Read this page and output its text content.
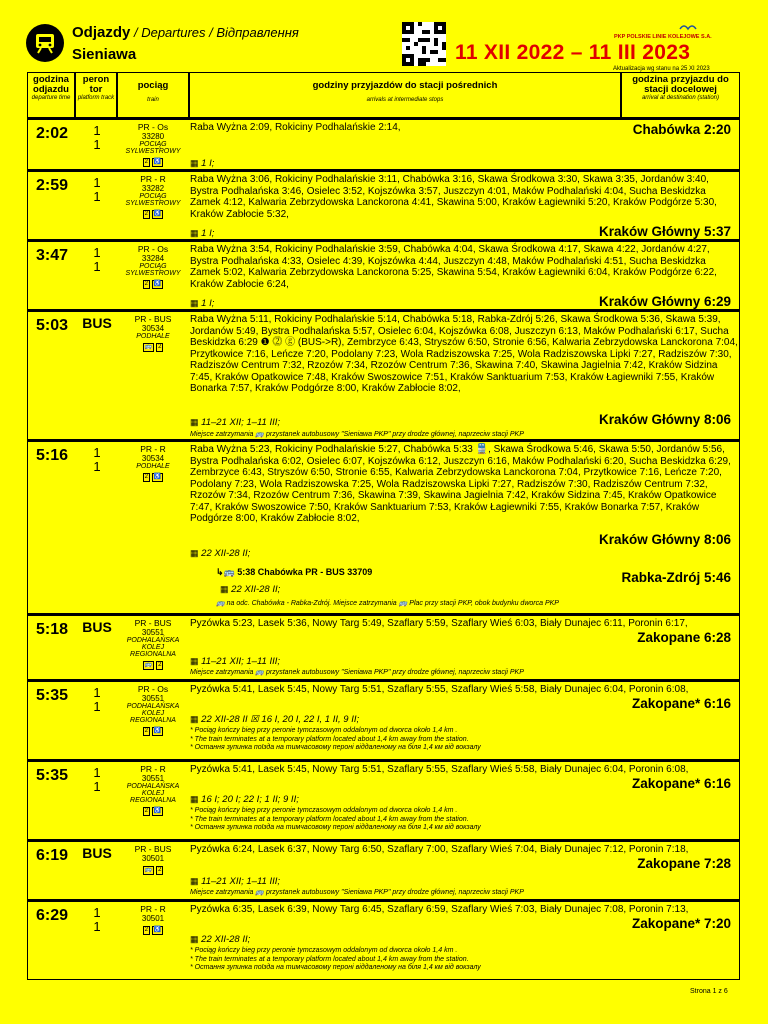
Odjazdy / Departures / Відправлення
Sieniawa
PKP POLSKIE LINIE KOLEJOWE S.A.
11 XII 2022 – 11 III 2023
Aktualizacja wg stanu na 25 XI 2023
godzina odjazdu
departure time
peron tor
platform track
pociąg
train
godziny przyjazdów do stacji pośrednich
arrivals at intermediate stops
godzina przyjazdu do stacji docelowej
arrival at destination (station)
2:02	1
1
PR - Os
33280
POCIĄG SYLWESTROWY
2 ♿
Raba Wyżna 2:09, Rokiciny Podhalańskie 2:14,	Chabówka 2:20
▦ 1 I;
2:59	1
1
PR - R
33282
POCIĄG SYLWESTROWY
2 ♿
Raba Wyżna 3:06, Rokiciny Podhalańskie 3:11, Chabówka 3:16, Skawa Środkowa 3:30, Skawa 3:35, Jordanów 3:40, Bystra Podhalańska 3:46, Osielec 3:52, Kojszówka 3:57, Juszczyn 4:01, Maków Podhalański 4:04, Sucha Beskidzka Zamek 4:12, Kalwaria Zebrzydowska Lanckorona 4:41, Skawina 5:00, Kraków Łagiewniki 5:20, Kraków Podgórze 5:30, Kraków Zabłocie 5:32,
Kraków Główny 5:37
▦ 1 I;
3:47	1
1
PR - Os
33284
POCIĄG SYLWESTROWY
2 ♿
Raba Wyżna 3:54, Rokiciny Podhalańskie 3:59, Chabówka 4:04, Skawa Środkowa 4:17, Skawa 4:22, Jordanów 4:27, Bystra Podhalańska 4:33, Osielec 4:39, Kojszówka 4:44, Juszczyn 4:48, Maków Podhalański 4:51, Sucha Beskidzka Zamek 5:02, Kalwaria Zebrzydowska Lanckorona 5:25, Skawina 5:54, Kraków Łagiewniki 6:04, Kraków Podgórze 6:22, Kraków Zabłocie 6:24,
Kraków Główny 6:29
▦ 1 I;
5:03	BUS	PR - BUS
30534
PODHALE
🚌 2
Raba Wyżna 5:11, Rokiciny Podhalańskie 5:14, Chabówka 5:18, Rabka-Zdrój 5:26, Skawa Środkowa 5:36, Skawa 5:39, Jordanów 5:49, Bystra Podhalańska 5:57, Osielec 6:04, Kojszówka 6:08, Juszczyn 6:13, Maków Podhalański 6:17, Sucha Beskidzka 6:29 ❶ ⓶ ⓖ (BUS->R), Zembrzyce 6:43, Stryszów 6:50, Stronie 6:56, Kalwaria Zebrzydowska Lanckorona 7:04, Przytkowice 7:16, Leńcze 7:20, Podolany 7:23, Wola Radziszowska 7:25, Wola Radziszowska Lipki 7:27, Radziszów 7:30, Radziszów Centrum 7:32, Rzozów 7:34, Rzozów Centrum 7:36, Skawina 7:40, Skawina Jagielnia 7:42, Kraków Sidzina 7:45, Kraków Opatkowice 7:48, Kraków Swoszowice 7:51, Kraków Sanktuarium 7:53, Kraków Łagiewniki 7:55, Kraków Bonarka 7:57, Kraków Podgórze 8:00, Kraków Zabłocie 8:02,
Kraków Główny 8:06
▦ 11–21 XII; 1–11 III;
Miejsce zatrzymania 🚌 przystanek autobusowy "Sieniawa PKP" przy drodze głównej, naprzeciw stacji PKP
5:16	1
1
PR - R
30534
PODHALE
2 ♿
Raba Wyżna 5:23, Rokiciny Podhalańskie 5:27, Chabówka 5:33 🚆, Skawa Środkowa 5:46, Skawa 5:50, Jordanów 5:56, Bystra Podhalańska 6:02, Osielec 6:07, Kojszówka 6:12, Juszczyn 6:16, Maków Podhalański 6:20, Sucha Beskidzka 6:29, Zembrzyce 6:43, Stryszów 6:50, Stronie 6:55, Kalwaria Zebrzydowska Lanckorona 7:04, Przytkowice 7:16, Leńcze 7:20, Podolany 7:23, Wola Radziszowska 7:25, Wola Radziszowska Lipki 7:27, Radziszów 7:30, Radziszów Centrum 7:32, Rzozów 7:34, Rzozów Centrum 7:36, Skawina 7:39, Skawina Jagielnia 7:42, Kraków Sidzina 7:45, Kraków Opatkowice 7:47, Kraków Swoszowice 7:50, Kraków Sanktuarium 7:53, Kraków Łagiewniki 7:55, Kraków Bonarka 7:57, Kraków Podgórze 8:00, Kraków Zabłocie 8:02,
Kraków Główny 8:06
▦ 22 XII-28 II;
↳🚌 5:38 Chabówka PR - BUS 33709	Rabka-Zdrój 5:46
▦ 22 XII-28 II;
🚌 na odc. Chabówka - Rabka-Zdrój. Miejsce zatrzymania 🚌 Plac przy stacji PKP, obok budynku dworca PKP
5:18	BUS	PR - BUS
30551
PODHALAŃSKA KOLEJ REGIONALNA
🚌 2
Pyzówka 5:23, Lasek 5:36, Nowy Targ 5:49, Szaflary 5:59, Szaflary Wieś 6:03, Biały Dunajec 6:11, Poronin 6:17,
Zakopane 6:28
▦ 11–21 XII; 1–11 III;
Miejsce zatrzymania 🚌 przystanek autobusowy "Sieniawa PKP" przy drodze głównej, naprzeciw stacji PKP
5:35	1
1
PR - Os
30551
PODHALAŃSKA KOLEJ REGIONALNA
2 ♿
Pyzówka 5:41, Lasek 5:45, Nowy Targ 5:51, Szaflary 5:55, Szaflary Wieś 5:58, Biały Dunajec 6:04, Poronin 6:08,
Zakopane* 6:16
▦ 22 XII-28 II ☒ 16 I, 20 I, 22 I, 1 II, 9 II;
* Pociąg kończy bieg przy peronie tymczasowym oddalonym od dworca około 1,4 km .
* The train terminates at a temporary platform located about 1,4 km away from the station.
* Остання зупинка поїзда на тимчасовому пероні віддаленому на біля 1,4 км від вокзалу
5:35	1
1
PR - R
30551
PODHALAŃSKA KOLEJ REGIONALNA
2 ♿
Pyzówka 5:41, Lasek 5:45, Nowy Targ 5:51, Szaflary 5:55, Szaflary Wieś 5:58, Biały Dunajec 6:04, Poronin 6:08,
Zakopane* 6:16
▦ 16 I; 20 I; 22 I; 1 II; 9 II;
* Pociąg kończy bieg przy peronie tymczasowym oddalonym od dworca około 1,4 km .
* The train terminates at a temporary platform located about 1,4 km away from the station.
* Остання зупинка поїзда на тимчасовому пероні віддаленому на біля 1,4 км від вокзалу
6:19	BUS	PR - BUS
30501
🚌 2
Pyzówka 6:24, Lasek 6:37, Nowy Targ 6:50, Szaflary 7:00, Szaflary Wieś 7:04, Biały Dunajec 7:12, Poronin 7:18,
Zakopane 7:28
▦ 11–21 XII; 1–11 III;
Miejsce zatrzymania 🚌 przystanek autobusowy "Sieniawa PKP" przy drodze głównej, naprzeciw stacji PKP
6:29	1
1
PR - R
30501
2 ♿
Pyzówka 6:35, Lasek 6:39, Nowy Targ 6:45, Szaflary 6:59, Szaflary Wieś 7:03, Biały Dunajec 7:08, Poronin 7:13,
Zakopane* 7:20
▦ 22 XII-28 II;
* Pociąg kończy bieg przy peronie tymczasowym oddalonym od dworca około 1,4 km .
* The train terminates at a temporary platform located about 1,4 km away from the station.
* Остання зупинка поїзда на тимчасовому пероні віддаленому на біля 1,4 км від вокзалу
Strona 1 z 6
